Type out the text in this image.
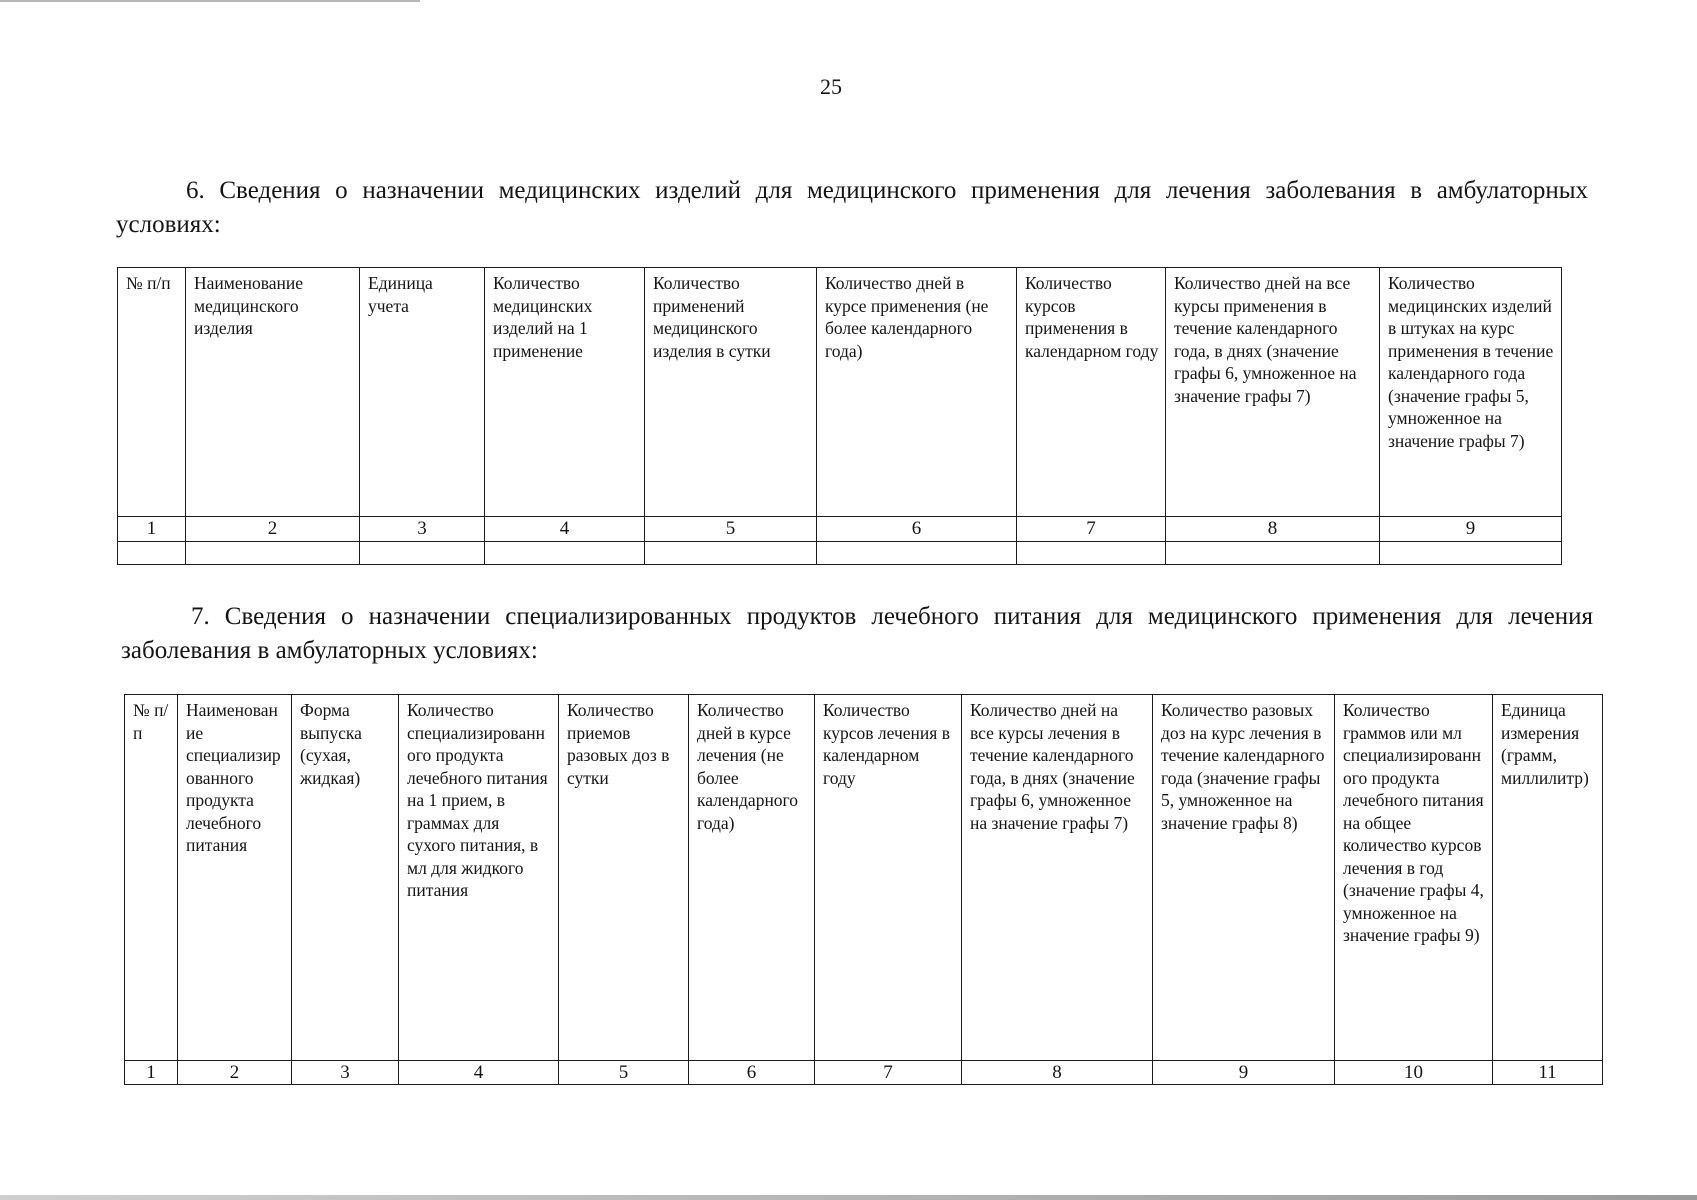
25
6. Сведения о назначении медицинских изделий для медицинского применения для лечения заболевания в амбулаторных условиях:
№ п/п	Наименование медицинского изделия	Единица учета	Количество медицинских изделий на 1 применение	Количество применений медицинского изделия в сутки	Количество дней в курсе применения (не более календарного года)	Количество курсов применения в календарном году	Количество дней на все курсы применения в течение календарного года, в днях (значение графы 6, умноженное на значение графы 7)	Количество медицинских изделий в штуках на курс применения в течение календарного года (значение графы 5, умноженное на значение графы 7)
1	2	3	4	5	6	7	8	9

7. Сведения о назначении специализированных продуктов лечебного питания для медицинского применения для лечения заболевания в амбулаторных условиях:
№ п/п	Наименование специализированного продукта лечебного питания	Форма выпуска (сухая, жидкая)	Количество специализированного продукта лечебного питания на 1 прием, в граммах для сухого питания, в мл для жидкого питания	Количество приемов разовых доз в сутки	Количество дней в курсе лечения (не более календарного года)	Количество курсов лечения в календарном году	Количество дней на все курсы лечения в течение календарного года, в днях (значение графы 6, умноженное на значение графы 7)	Количество разовых доз на курс лечения в течение календарного года (значение графы 5, умноженное на значение графы 8)	Количество граммов или мл специализированного продукта лечебного питания на общее количество курсов лечения в год (значение графы 4, умноженное на значение графы 9)	Единица измерения (грамм, миллилитр)
1	2	3	4	5	6	7	8	9	10	11
